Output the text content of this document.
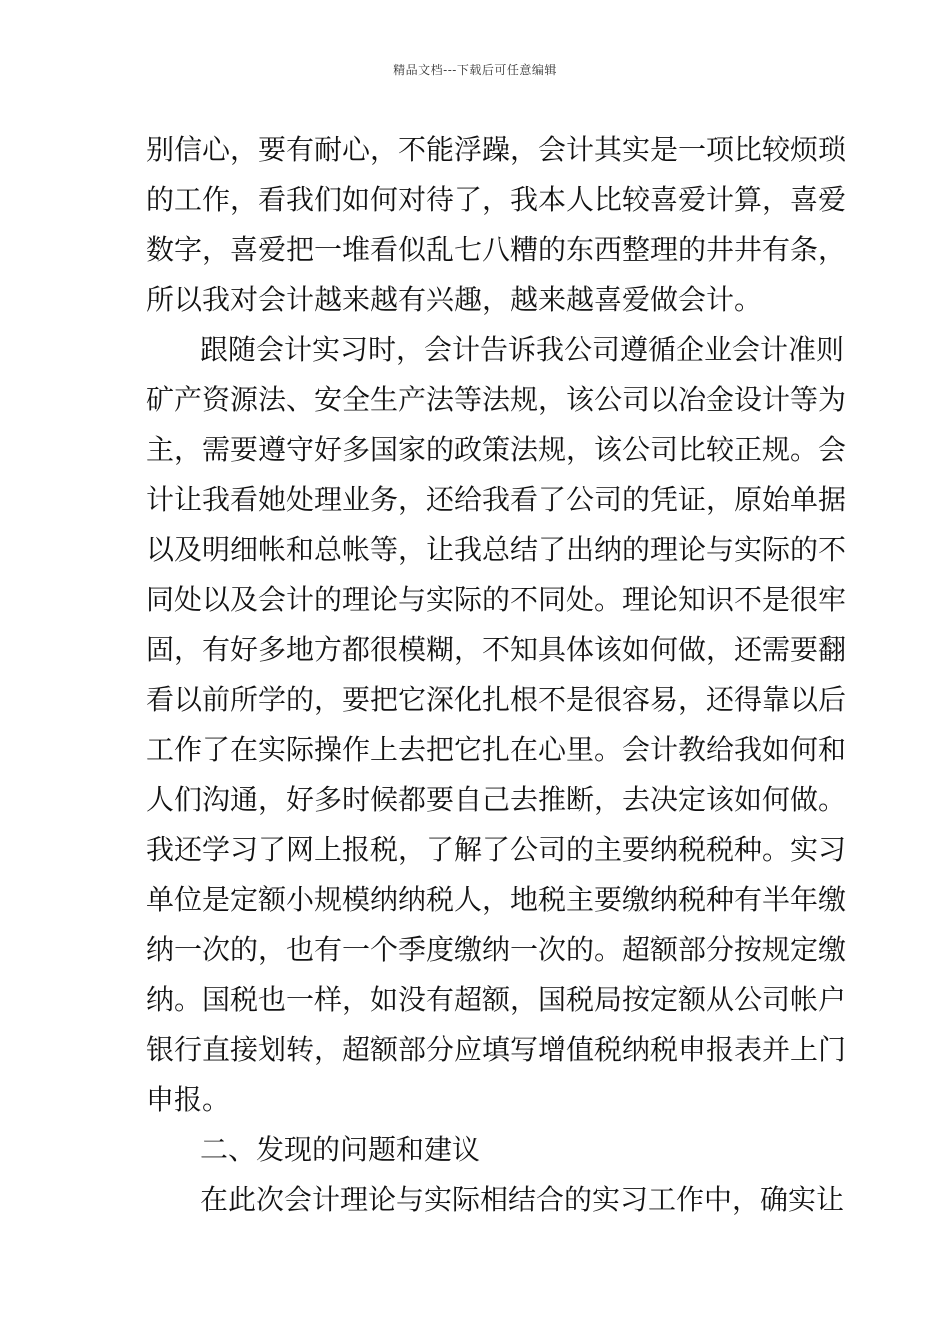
精品文档---下载后可任意编辑
别信心，要有耐心，不能浮躁，会计其实是一项比较烦琐
的工作，看我们如何对待了，我本人比较喜爱计算，喜爱
数字，喜爱把一堆看似乱七八糟的东西整理的井井有条，
所以我对会计越来越有兴趣，越来越喜爱做会计。
跟随会计实习时，会计告诉我公司遵循企业会计准则
矿产资源法、安全生产法等法规，该公司以冶金设计等为
主，需要遵守好多国家的政策法规，该公司比较正规。会
计让我看她处理业务，还给我看了公司的凭证，原始单据
以及明细帐和总帐等，让我总结了出纳的理论与实际的不
同处以及会计的理论与实际的不同处。理论知识不是很牢
固，有好多地方都很模糊，不知具体该如何做，还需要翻
看以前所学的，要把它深化扎根不是很容易，还得靠以后
工作了在实际操作上去把它扎在心里。会计教给我如何和
人们沟通，好多时候都要自己去推断，去决定该如何做。
我还学习了网上报税，了解了公司的主要纳税税种。实习
单位是定额小规模纳纳税人，地税主要缴纳税种有半年缴
纳一次的，也有一个季度缴纳一次的。超额部分按规定缴
纳。国税也一样，如没有超额，国税局按定额从公司帐户
银行直接划转，超额部分应填写增值税纳税申报表并上门
申报。
二、发现的问题和建议
在此次会计理论与实际相结合的实习工作中，确实让
